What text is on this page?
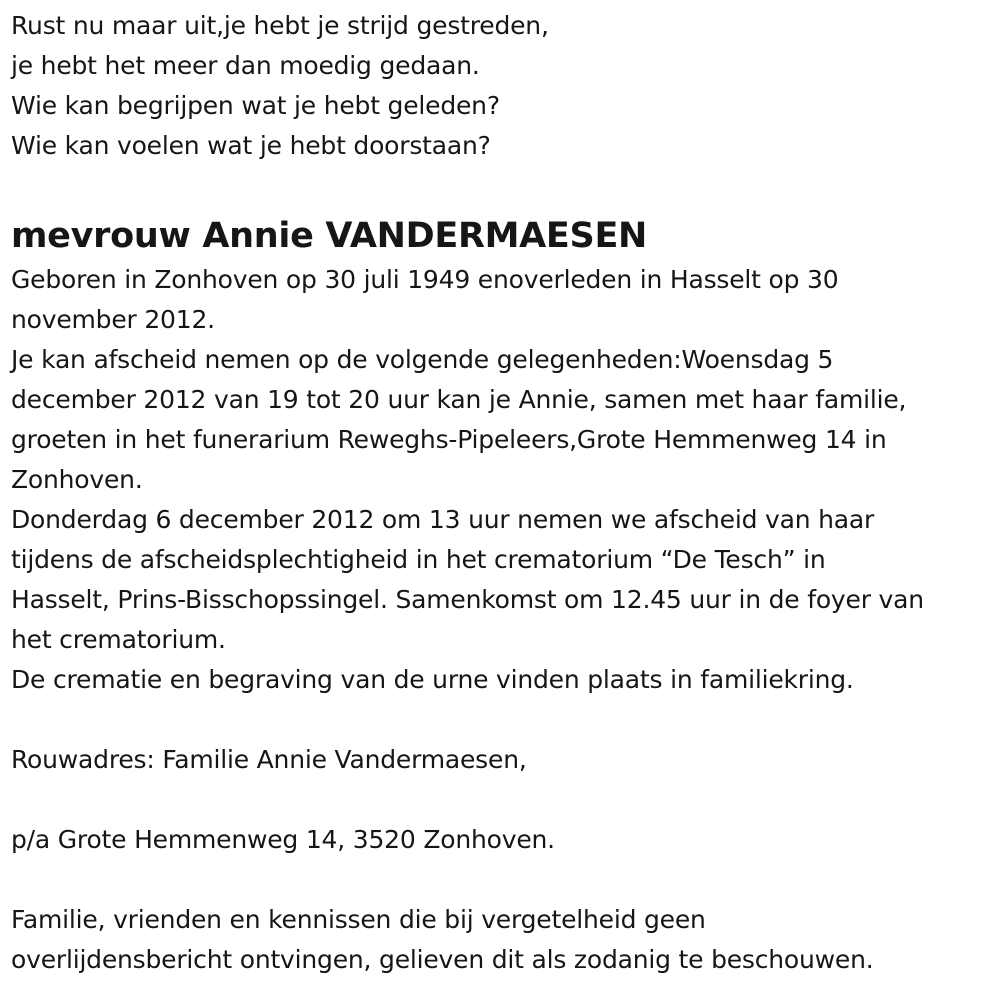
Rust nu maar uit,je hebt je strijd gestreden,
je hebt het meer dan moedig gedaan.
Wie kan begrijpen wat je hebt geleden?
Wie kan voelen wat je hebt doorstaan?
mevrouw Annie VANDERMAESEN
Geboren in Zonhoven op 30 juli 1949 enoverleden in Hasselt op 30
november 2012.
Je kan afscheid nemen op de volgende gelegenheden:Woensdag 5
december 2012 van 19 tot 20 uur kan je Annie, samen met haar familie,
groeten in het funerarium Reweghs-Pipeleers,Grote Hemmenweg 14 in
Zonhoven.
Donderdag 6 december 2012 om 13 uur nemen we afscheid van haar
tijdens de afscheidsplechtigheid in het crematorium “De Tesch” in
Hasselt, Prins-Bisschopssingel. Samenkomst om 12.45 uur in de foyer van
het crematorium.
De crematie en begraving van de urne vinden plaats in familiekring.
Rouwadres: Familie Annie Vandermaesen,
p/a Grote Hemmenweg 14, 3520 Zonhoven.
Familie, vrienden en kennissen die bij vergetelheid geen
overlijdensbericht ontvingen, gelieven dit als zodanig te beschouwen.
